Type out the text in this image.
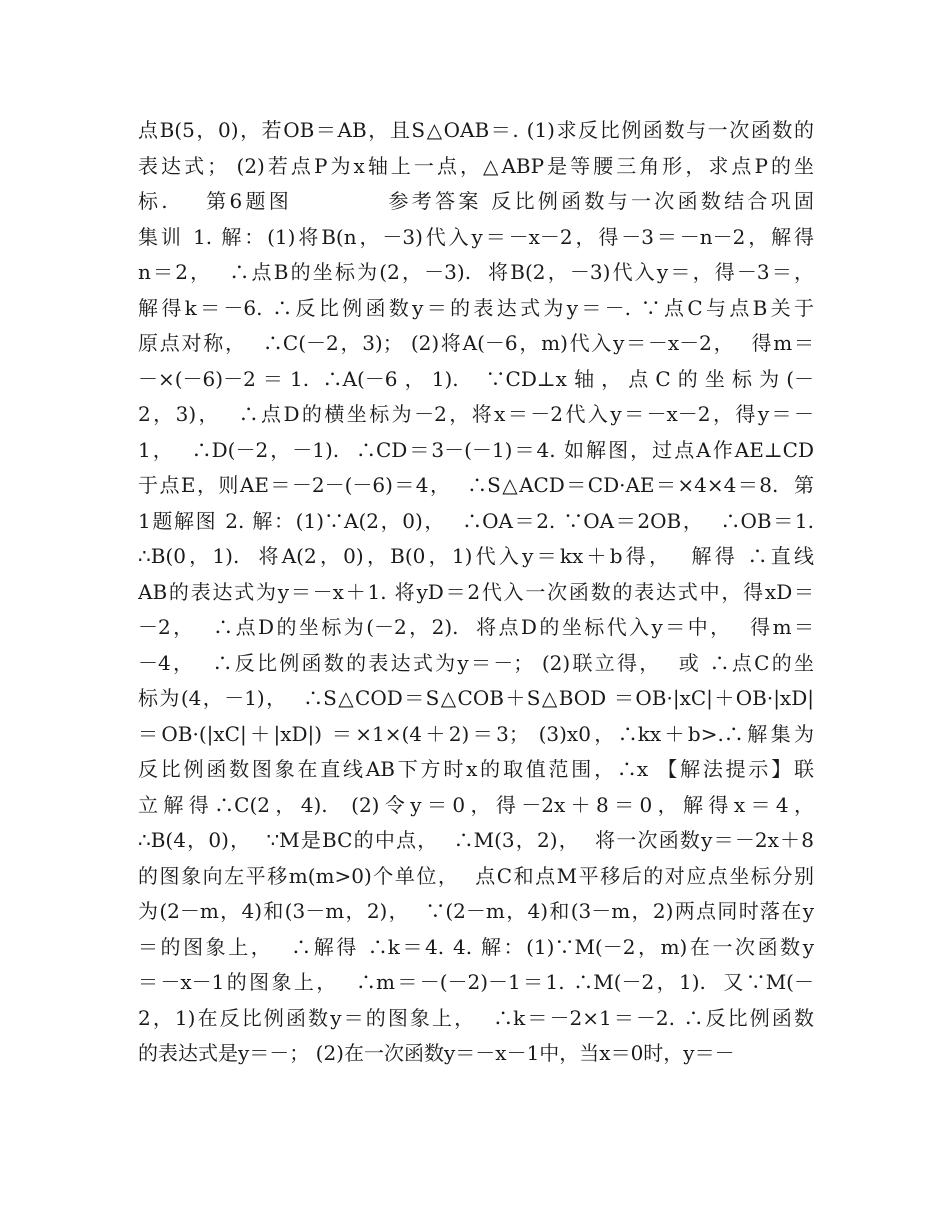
点B(5，0)，若OB＝AB，且S△OAB＝. (1)求反比例函数与一次函数的
表达式； (2)若点P为x轴上一点，△ABP是等腰三角形，求点P的坐
标.    第6题图          参考答案 反比例函数与一次函数结合巩固
集训 1. 解：(1)将B(n，－3)代入y＝－x－2，得－3＝－n－2，解得
n＝2，  ∴点B的坐标为(2，－3).  将B(2，－3)代入y＝，得－3＝，
解得k＝－6. ∴反比例函数y＝的表达式为y＝－. ∵点C与点B关于
原点对称，  ∴C(－2，3)； (2)将A(－6，m)代入y＝－x－2，  得m＝
－×(－6)－2＝1. ∴A(－6，1).  ∵CD⊥x轴，点C的坐标为(－
2，3)，  ∴点D的横坐标为－2，将x＝－2代入y＝－x－2，得y＝－
1，  ∴D(－2，－1).  ∴CD＝3－(－1)＝4. 如解图，过点A作AE⊥CD
于点E，则AE＝－2－(－6)＝4，  ∴S△ACD＝CD·AE＝×4×4＝8.  第
1题解图 2. 解：(1)∵A(2，0)，  ∴OA＝2. ∵OA＝2OB，  ∴OB＝1.
∴B(0，1).  将A(2，0)，B(0，1)代入y＝kx＋b得，  解得 ∴直线
AB的表达式为y＝－x＋1. 将yD＝2代入一次函数的表达式中，得xD＝
－2，  ∴点D的坐标为(－2，2).  将点D的坐标代入y＝中，  得m＝
－4，  ∴反比例函数的表达式为y＝－； (2)联立得，  或 ∴点C的坐
标为(4，－1)，  ∴S△COD＝S△COB＋S△BOD ＝OB·|xC|＋OB·|xD|
＝OB·(|xC|＋|xD|) ＝×1×(4＋2)＝3； (3)x0，∴kx＋b>.∴解集为
反比例函数图象在直线AB下方时x的取值范围，∴x 【解法提示】联
立解得∴C(2，4).  (2)令y＝0，得－2x＋8＝0，解得x＝4，
∴B(4，0)，  ∵M是BC的中点，  ∴M(3，2)，  将一次函数y＝－2x＋8
的图象向左平移m(m>0)个单位，  点C和点M平移后的对应点坐标分别
为(2－m，4)和(3－m，2)，  ∵(2－m，4)和(3－m，2)两点同时落在y
＝的图象上，  ∴解得 ∴k＝4. 4. 解：(1)∵M(－2，m)在一次函数y
＝－x－1的图象上，  ∴m＝－(－2)－1＝1. ∴M(－2，1).  又∵M(－
2，1)在反比例函数y＝的图象上，  ∴k＝－2×1＝－2. ∴反比例函数
的表达式是y＝－； (2)在一次函数y＝－x－1中，当x＝0时，y＝－
